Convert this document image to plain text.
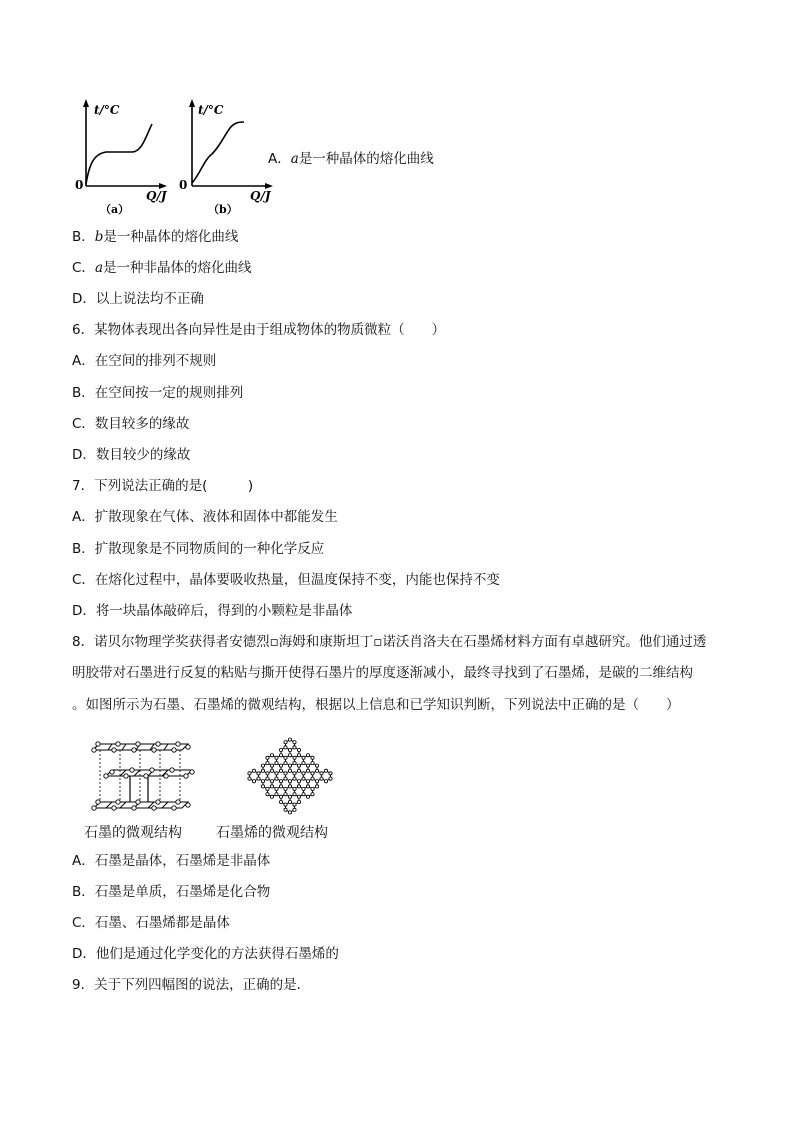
t/°C
0
Q/J
（a）
t/°C
0
Q/J
（b）
A．a是一种晶体的熔化曲线
B．b是一种晶体的熔化曲线
C．a是一种非晶体的熔化曲线
D．以上说法均不正确
6．某物体表现出各向异性是由于组成物体的物质微粒（　　）
A．在空间的排列不规则
B．在空间按一定的规则排列
C．数目较多的缘故
D．数目较少的缘故
7．下列说法正确的是(　　　)
A．扩散现象在气体、液体和固体中都能发生
B．扩散现象是不同物质间的一种化学反应
C．在熔化过程中，晶体要吸收热量，但温度保持不变，内能也保持不变
D．将一块晶体敲碎后，得到的小颗粒是非晶体
8．诺贝尔物理学奖获得者安德烈▫海姆和康斯坦丁▫诺沃肖洛夫在石墨烯材料方面有卓越研究。他们通过透
明胶带对石墨进行反复的粘贴与撕开使得石墨片的厚度逐渐减小，最终寻找到了石墨烯，是碳的二维结构
。如图所示为石墨、石墨烯的微观结构，根据以上信息和已学知识判断，下列说法中正确的是（　　）
石墨的微观结构 石墨烯的微观结构
A．石墨是晶体，石墨烯是非晶体
B．石墨是单质，石墨烯是化合物
C．石墨、石墨烯都是晶体
D．他们是通过化学变化的方法获得石墨烯的
9．关于下列四幅图的说法，正确的是．
